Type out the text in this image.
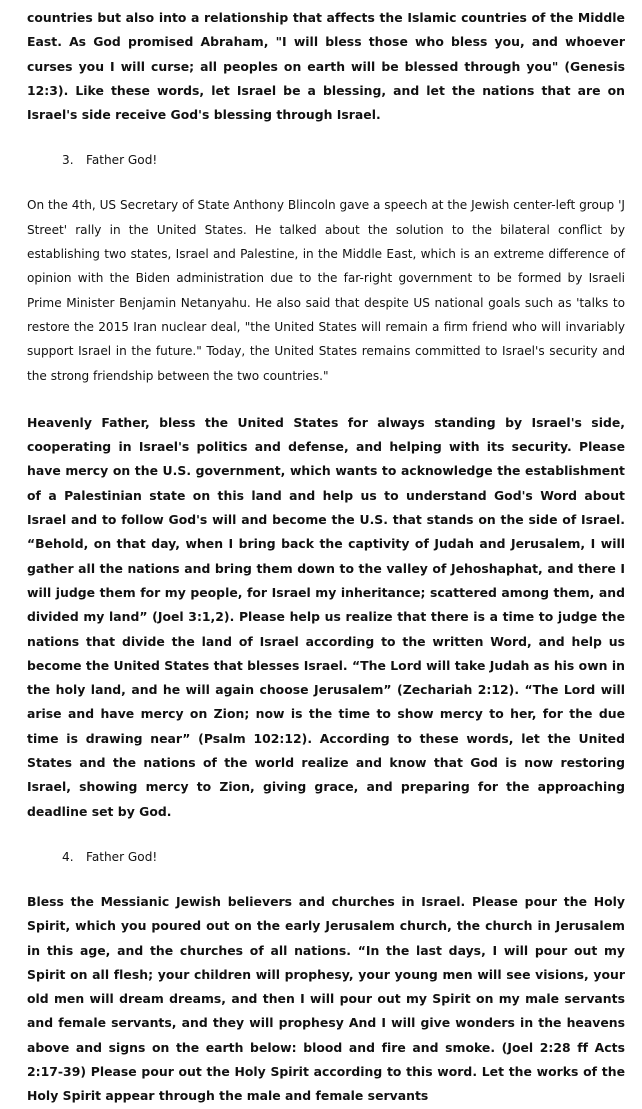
countries but also into a relationship that affects the Islamic countries of the Middle East. As God promised Abraham, "I will bless those who bless you, and whoever curses you I will curse; all peoples on earth will be blessed through you" (Genesis 12:3). Like these words, let Israel be a blessing, and let the nations that are on Israel's side receive God's blessing through Israel.

3.	Father God!

On the 4th, US Secretary of State Anthony Blincoln gave a speech at the Jewish center-left group 'J Street' rally in the United States. He talked about the solution to the bilateral conflict by establishing two states, Israel and Palestine, in the Middle East, which is an extreme difference of opinion with the Biden administration due to the far-right government to be formed by Israeli Prime Minister Benjamin Netanyahu. He also said that despite US national goals such as 'talks to restore the 2015 Iran nuclear deal, "the United States will remain a firm friend who will invariably support Israel in the future." Today, the United States remains committed to Israel's security and the strong friendship between the two countries."

Heavenly Father, bless the United States for always standing by Israel's side, cooperating in Israel's politics and defense, and helping with its security. Please have mercy on the U.S. government, which wants to acknowledge the establishment of a Palestinian state on this land and help us to understand God's Word about Israel and to follow God's will and become the U.S. that stands on the side of Israel. “Behold, on that day, when I bring back the captivity of Judah and Jerusalem, I will gather all the nations and bring them down to the valley of Jehoshaphat, and there I will judge them for my people, for Israel my inheritance; scattered among them, and divided my land” (Joel 3:1,2). Please help us realize that there is a time to judge the nations that divide the land of Israel according to the written Word, and help us become the United States that blesses Israel. “The Lord will take Judah as his own in the holy land, and he will again choose Jerusalem” (Zechariah 2:12). “The Lord will arise and have mercy on Zion; now is the time to show mercy to her, for the due time is drawing near” (Psalm 102:12). According to these words, let the United States and the nations of the world realize and know that God is now restoring Israel, showing mercy to Zion, giving grace, and preparing for the approaching deadline set by God.

4.	Father God!

Bless the Messianic Jewish believers and churches in Israel. Please pour the Holy Spirit, which you poured out on the early Jerusalem church, the church in Jerusalem in this age, and the churches of all nations. “In the last days, I will pour out my Spirit on all flesh; your children will prophesy, your young men will see visions, your old men will dream dreams, and then I will pour out my Spirit on my male servants and female servants, and they will prophesy And I will give wonders in the heavens above and signs on the earth below: blood and fire and smoke. (Joel 2:28 ff Acts 2:17-39) Please pour out the Holy Spirit according to this word. Let the works of the Holy Spirit appear through the male and female servants
